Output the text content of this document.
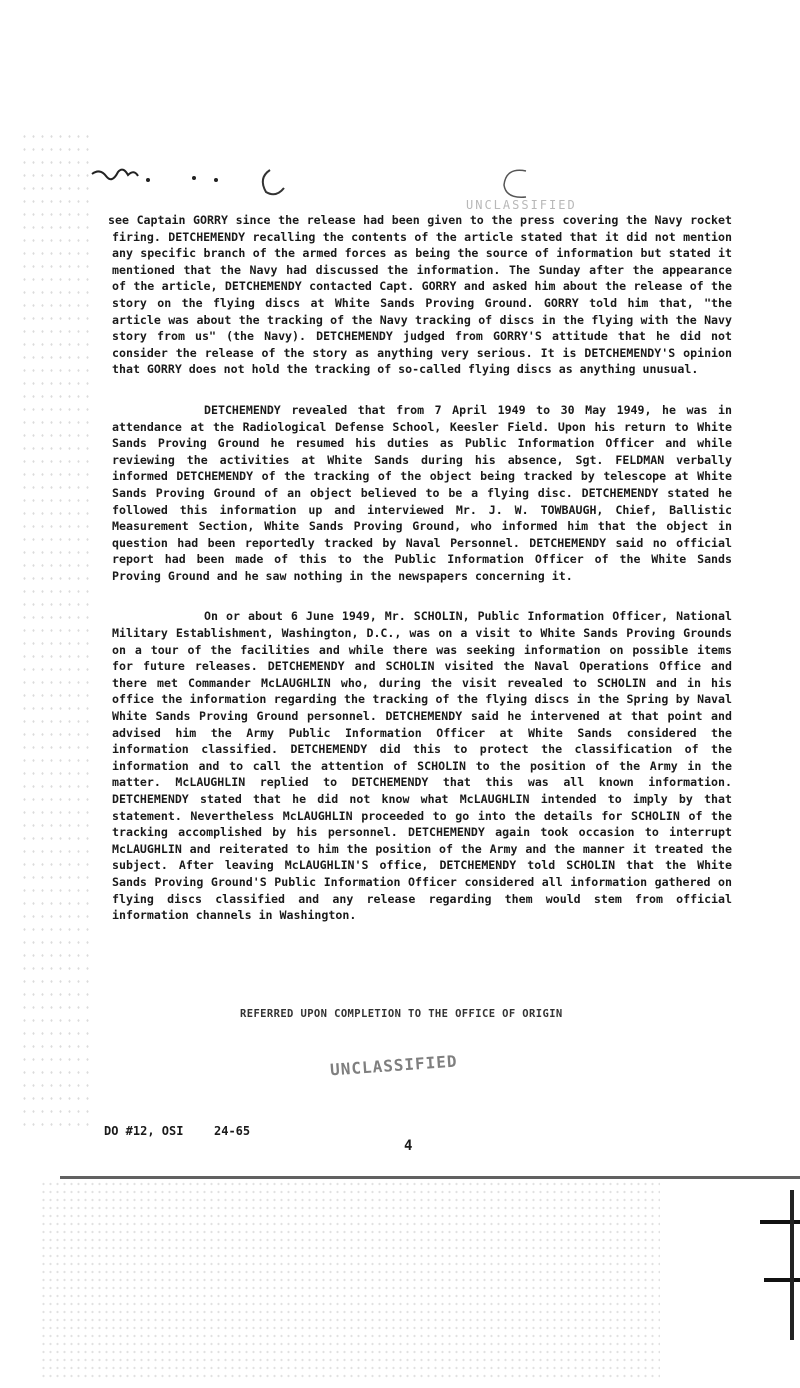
UNCLASSIFIED

see Captain GORRY since the release had been given to the press covering the Navy rocket firing. DETCHEMENDY recalling the contents of the article stated that it did not mention any specific branch of the armed forces as being the source of information but stated it mentioned that the Navy had discussed the information. The Sunday after the appearance of the article, DETCHEMENDY contacted Capt. GORRY and asked him about the release of the story on the flying discs at White Sands Proving Ground. GORRY told him that, "the article was about the tracking of the Navy tracking of discs in the flying with the Navy story from us" (the Navy). DETCHEMENDY judged from GORRY'S attitude that he did not consider the release of the story as anything very serious. It is DETCHEMENDY'S opinion that GORRY does not hold the tracking of so-called flying discs as anything unusual.

DETCHEMENDY revealed that from 7 April 1949 to 30 May 1949, he was in attendance at the Radiological Defense School, Keesler Field. Upon his return to White Sands Proving Ground he resumed his duties as Public Information Officer and while reviewing the activities at White Sands during his absence, Sgt. FELDMAN verbally informed DETCHEMENDY of the tracking of the object being tracked by telescope at White Sands Proving Ground of an object believed to be a flying disc. DETCHEMENDY stated he followed this information up and interviewed Mr. J. W. TOWBAUGH, Chief, Ballistic Measurement Section, White Sands Proving Ground, who informed him that the object in question had been reportedly tracked by Naval Personnel. DETCHEMENDY said no official report had been made of this to the Public Information Officer of the White Sands Proving Ground and he saw nothing in the newspapers concerning it.

On or about 6 June 1949, Mr. SCHOLIN, Public Information Officer, National Military Establishment, Washington, D.C., was on a visit to White Sands Proving Grounds on a tour of the facilities and while there was seeking information on possible items for future releases. DETCHEMENDY and SCHOLIN visited the Naval Operations Office and there met Commander McLAUGHLIN who, during the visit revealed to SCHOLIN and in his office the information regarding the tracking of the flying discs in the Spring by Naval White Sands Proving Ground personnel. DETCHEMENDY said he intervened at that point and advised him the Army Public Information Officer at White Sands considered the information classified. DETCHEMENDY did this to protect the classification of the information and to call the attention of SCHOLIN to the position of the Army in the matter. McLAUGHLIN replied to DETCHEMENDY that this was all known information. DETCHEMENDY stated that he did not know what McLAUGHLIN intended to imply by that statement. Nevertheless McLAUGHLIN proceeded to go into the details for SCHOLIN of the tracking accomplished by his personnel. DETCHEMENDY again took occasion to interrupt McLAUGHLIN and reiterated to him the position of the Army and the manner it treated the subject. After leaving McLAUGHLIN'S office, DETCHEMENDY told SCHOLIN that the White Sands Proving Ground'S Public Information Officer considered all information gathered on flying discs classified and any release regarding them would stem from official information channels in Washington.

REFERRED UPON COMPLETION TO THE OFFICE OF ORIGIN
UNCLASSIFIED
DO #12, OSI	24-65
4
